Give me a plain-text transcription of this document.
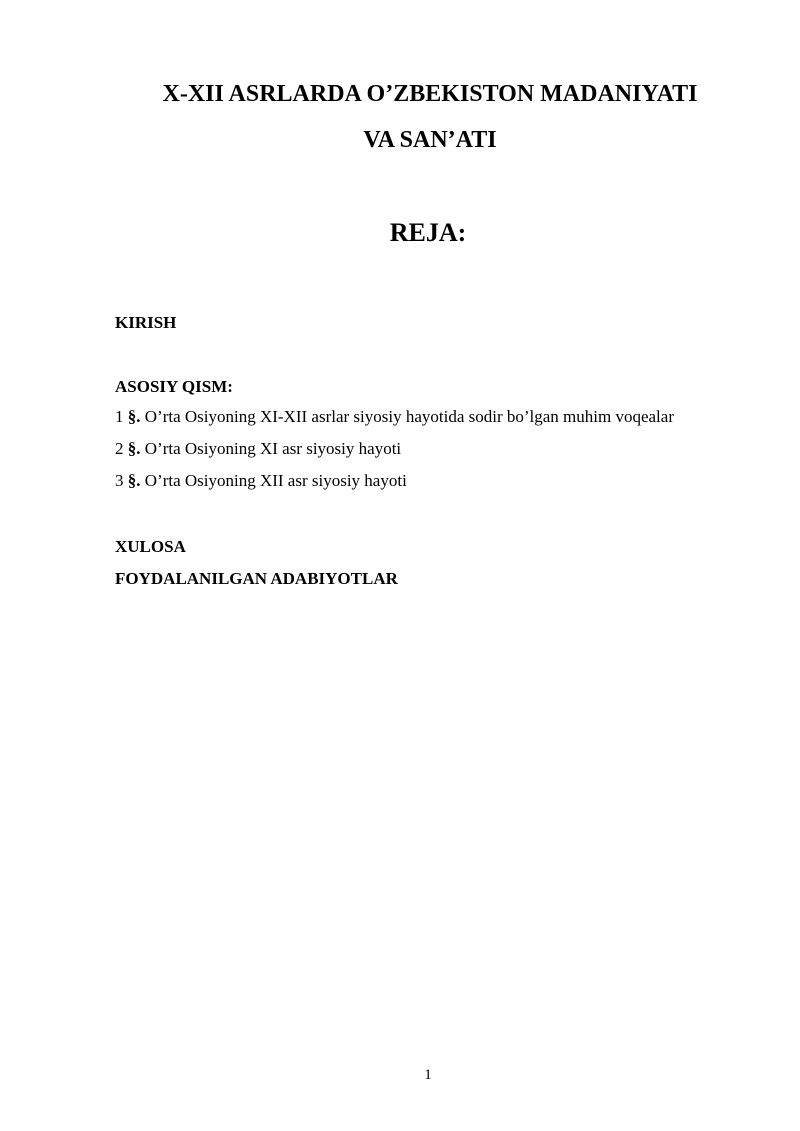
X-XII ASRLARDA O’ZBEKISTON MADANIYATI
VA SAN’ATI
REJA:
KIRISH
ASOSIY QISM:
1 §. O’rta Osiyoning XI-XII asrlar siyosiy hayotida sodir bo’lgan muhim voqealar
2 §. O’rta Osiyoning XI asr siyosiy hayoti
3 §. O’rta Osiyoning XII asr siyosiy hayoti
XULOSA
FOYDALANILGAN ADABIYOTLAR
1
